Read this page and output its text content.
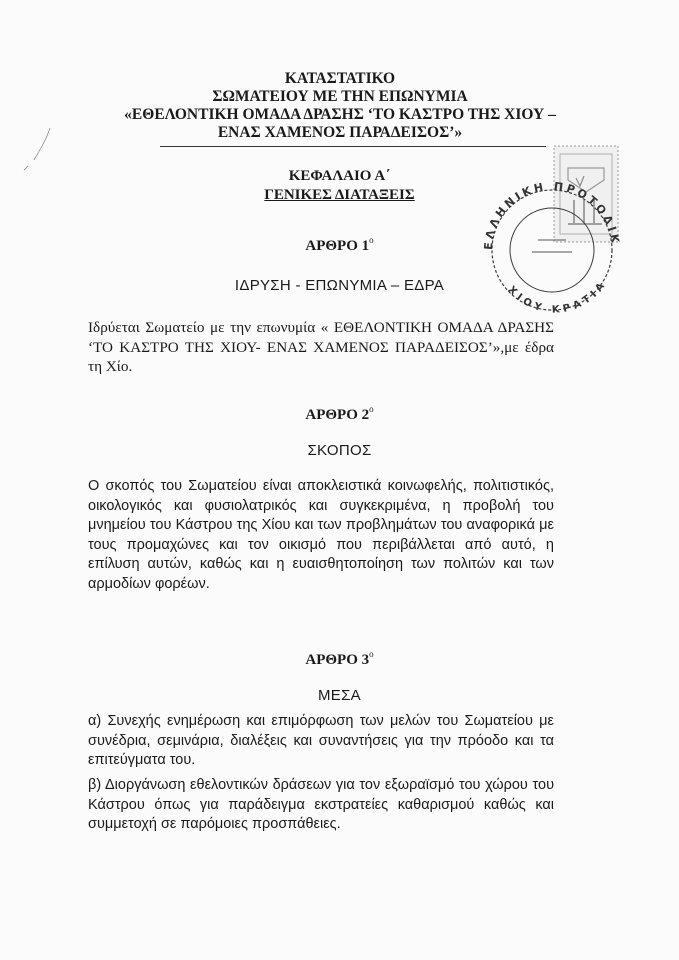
ΚΑΤΑΣΤΑΤΙΚΟ
ΣΩΜΑΤΕΙΟΥ ΜΕ ΤΗΝ ΕΠΩΝΥΜΙΑ
«ΕΘΕΛΟΝΤΙΚΗ ΟΜΑΔΑ ΔΡΑΣΗΣ ‘ΤΟ ΚΑΣΤΡΟ ΤΗΣ ΧΙΟΥ –
ΕΝΑΣ ΧΑΜΕΝΟΣ ΠΑΡΑΔΕΙΣΟΣ’»
ΚΕΦΑΛΑΙΟ Α΄
ΓΕΝΙΚΕΣ ΔΙΑΤΑΞΕΙΣ
ΑΡΘΡΟ $1^o$
ΙΔΡΥΣΗ - ΕΠΩΝΥΜΙΑ – ΕΔΡΑ
Ιδρύεται Σωματείο με την επωνυμία « ΕΘΕΛΟΝΤΙΚΗ ΟΜΑΔΑ ΔΡΑΣΗΣ ‘ΤΟ ΚΑΣΤΡΟ ΤΗΣ ΧΙΟΥ- ΕΝΑΣ ΧΑΜΕΝΟΣ ΠΑΡΑΔΕΙΣΟΣ’»,με έδρα τη Χίο.
ΑΡΘΡΟ $2^o$
ΣΚΟΠΟΣ
Ο σκοπός του Σωματείου είναι αποκλειστικά κοινωφελής, πολιτιστικός, οικολογικός και φυσιολατρικός και συγκεκριμένα, η προβολή του μνημείου του Κάστρου της Χίου και των προβλημάτων του αναφορικά με τους προμαχώνες και τον οικισμό που περιβάλλεται από αυτό, η επίλυση αυτών, καθώς και η ευαισθητοποίηση των πολιτών και των αρμοδίων φορέων.
ΑΡΘΡΟ $3^o$
ΜΕΣΑ
α) Συνεχής ενημέρωση και επιμόρφωση των μελών του Σωματείου με συνέδρια, σεμινάρια, διαλέξεις και συναντήσεις για την πρόοδο και τα επιτεύγματα του.
β) Διοργάνωση εθελοντικών δράσεων για τον εξωραϊσμό του χώρου του Κάστρου όπως για παράδειγμα εκστρατείες καθαρισμού καθώς και συμμετοχή σε παρόμοιες προσπάθειες.
ΕΛΛΗΝΙΚΗ ΠΡΟΤΟΔΙΚ
ΧΙΟΥ ΚΡΑΤΙΑ
